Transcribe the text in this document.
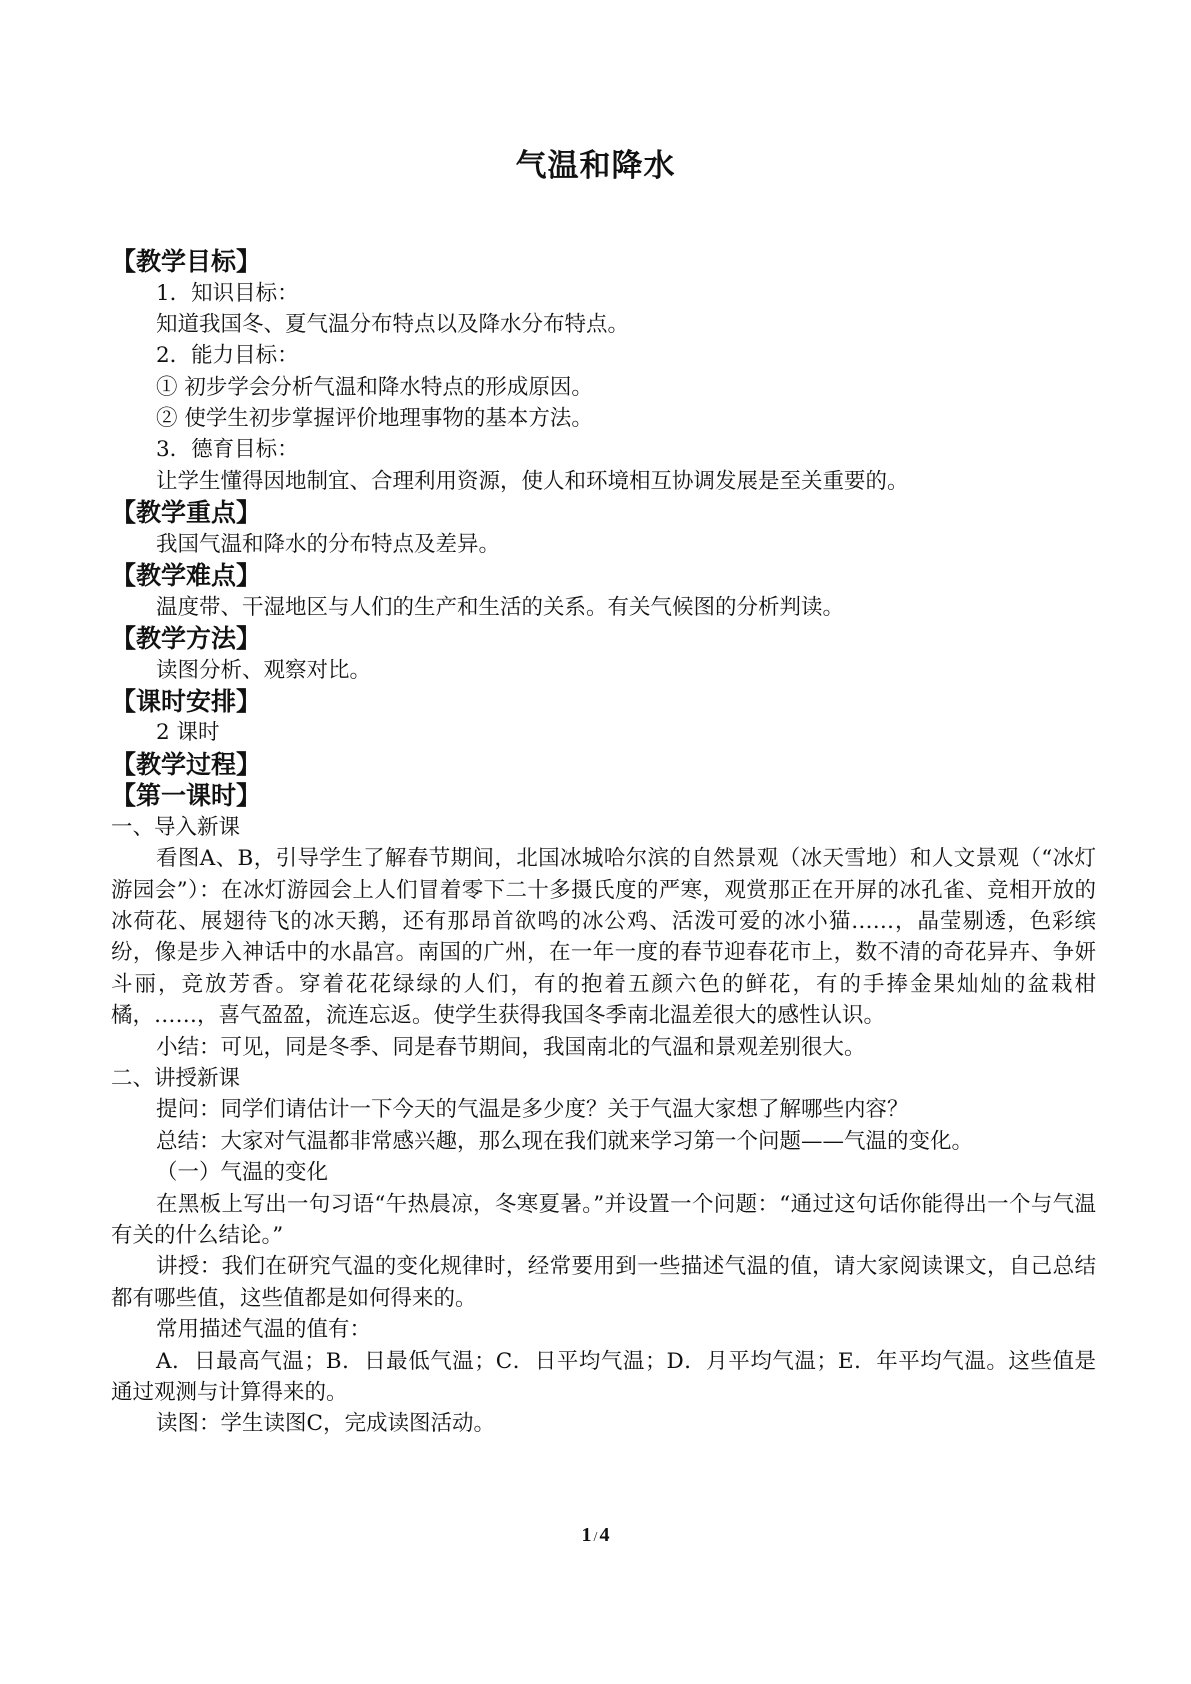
气温和降水
【教学目标】
1．知识目标：
知道我国冬、夏气温分布特点以及降水分布特点。
2．能力目标：
① 初步学会分析气温和降水特点的形成原因。
② 使学生初步掌握评价地理事物的基本方法。
3．德育目标：
让学生懂得因地制宜、合理利用资源，使人和环境相互协调发展是至关重要的。
【教学重点】
我国气温和降水的分布特点及差异。
【教学难点】
温度带、干湿地区与人们的生产和生活的关系。有关气候图的分析判读。
【教学方法】
读图分析、观察对比。
【课时安排】
2 课时
【教学过程】
【第一课时】
一、导入新课
看图A、B，引导学生了解春节期间，北国冰城哈尔滨的自然景观（冰天雪地）和人文景观（“冰灯游园会”）：在冰灯游园会上人们冒着零下二十多摄氏度的严寒，观赏那正在开屏的冰孔雀、竞相开放的冰荷花、展翅待飞的冰天鹅，还有那昂首欲鸣的冰公鸡、活泼可爱的冰小猫……，晶莹剔透，色彩缤纷，像是步入神话中的水晶宫。南国的广州，在一年一度的春节迎春花市上，数不清的奇花异卉、争妍斗丽，竞放芳香。穿着花花绿绿的人们，有的抱着五颜六色的鲜花，有的手捧金果灿灿的盆栽柑橘，……，喜气盈盈，流连忘返。使学生获得我国冬季南北温差很大的感性认识。
小结：可见，同是冬季、同是春节期间，我国南北的气温和景观差别很大。
二、讲授新课
提问：同学们请估计一下今天的气温是多少度？关于气温大家想了解哪些内容？
总结：大家对气温都非常感兴趣，那么现在我们就来学习第一个问题——气温的变化。
（一）气温的变化
在黑板上写出一句习语“午热晨凉，冬寒夏暑。”并设置一个问题：“通过这句话你能得出一个与气温有关的什么结论。”
讲授：我们在研究气温的变化规律时，经常要用到一些描述气温的值，请大家阅读课文，自己总结都有哪些值，这些值都是如何得来的。
常用描述气温的值有：
A．日最高气温；B．日最低气温；C．日平均气温；D．月平均气温；E．年平均气温。这些值是通过观测与计算得来的。
读图：学生读图C，完成读图活动。
1 / 4
